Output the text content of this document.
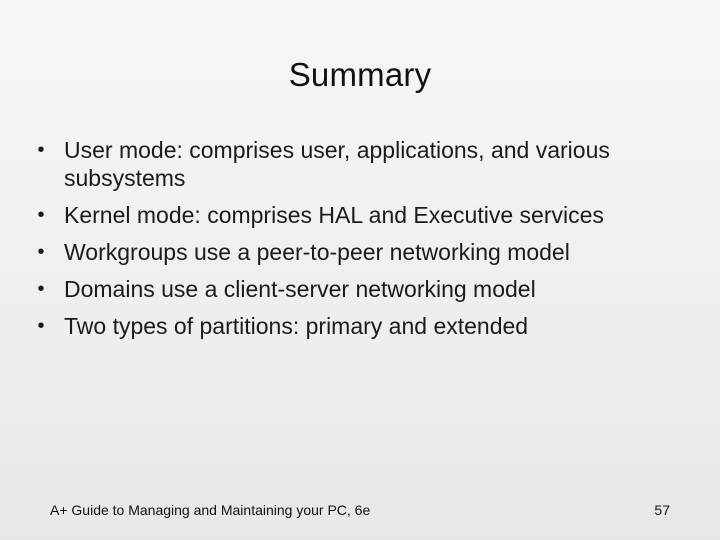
Summary
• User mode: comprises user, applications, and various subsystems
• Kernel mode: comprises HAL and Executive services
• Workgroups use a peer-to-peer networking model
• Domains use a client-server networking model
• Two types of partitions: primary and extended
A+ Guide to Managing and Maintaining your PC, 6e	57
